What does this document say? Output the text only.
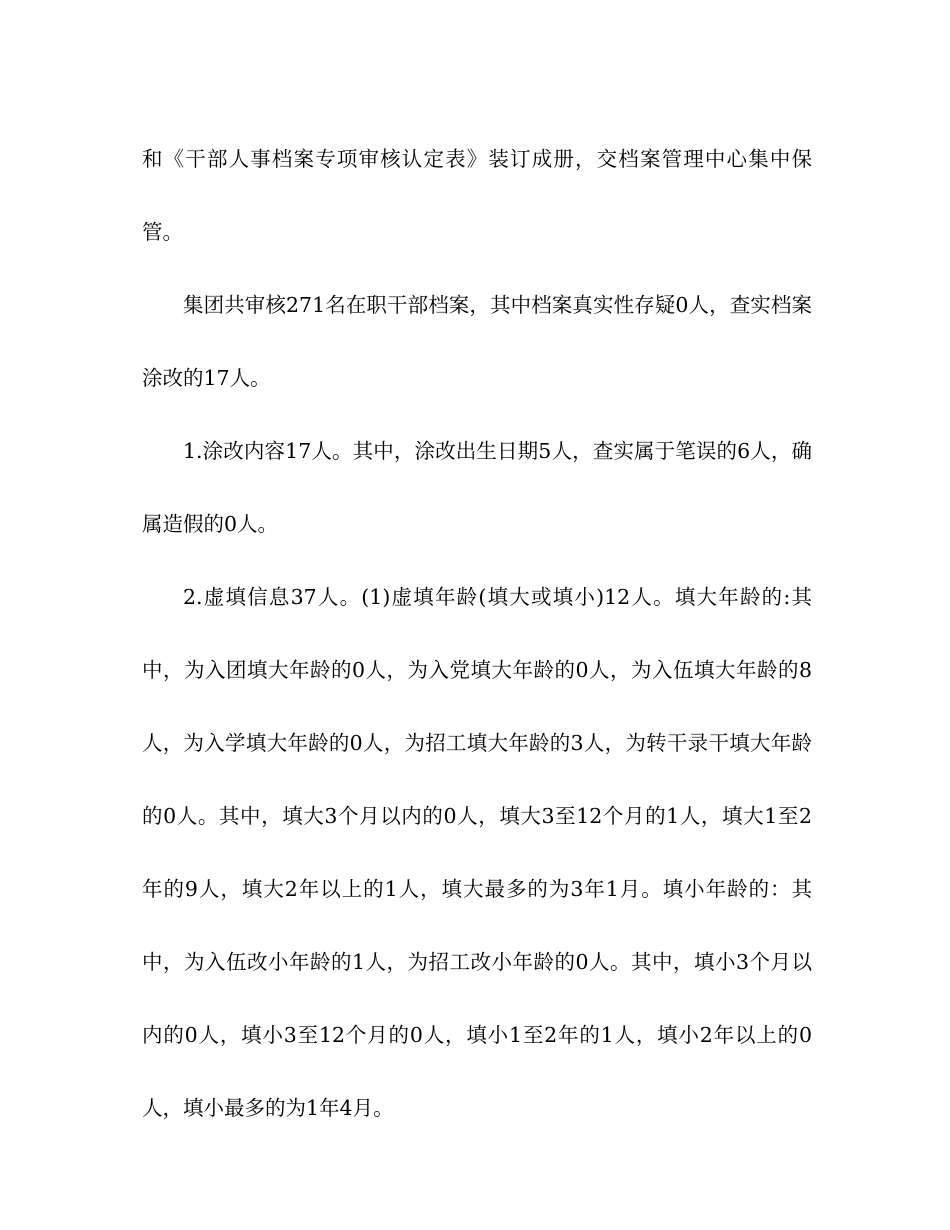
和《干部人事档案专项审核认定表》装订成册，交档案管理中心集中保管。

集团共审核271名在职干部档案，其中档案真实性存疑0人，查实档案涂改的17人。

1.涂改内容17人。其中，涂改出生日期5人，查实属于笔误的6人，确属造假的0人。

2.虚填信息37人。(1)虚填年龄(填大或填小)12人。填大年龄的:其中，为入团填大年龄的0人，为入党填大年龄的0人，为入伍填大年龄的8人，为入学填大年龄的0人，为招工填大年龄的3人，为转干录干填大年龄的0人。其中，填大3个月以内的0人，填大3至12个月的1人，填大1至2年的9人，填大2年以上的1人，填大最多的为3年1月。填小年龄的：其中，为入伍改小年龄的1人，为招工改小年龄的0人。其中，填小3个月以内的0人，填小3至12个月的0人，填小1至2年的1人，填小2年以上的0人，填小最多的为1年4月。
